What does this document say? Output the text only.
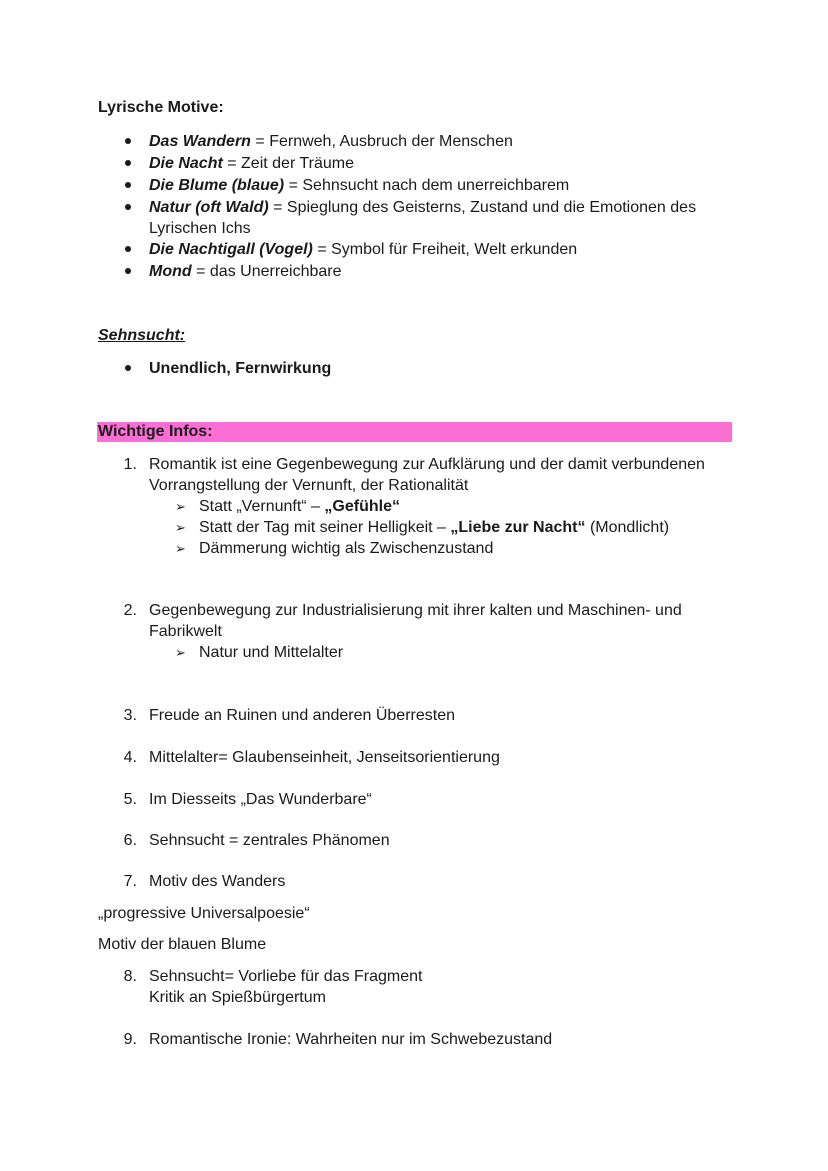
Lyrische Motive:
Das Wandern = Fernweh, Ausbruch der Menschen
Die Nacht = Zeit der Träume
Die Blume (blaue) = Sehnsucht nach dem unerreichbarem
Natur (oft Wald) = Spieglung des Geisterns, Zustand und die Emotionen des
Lyrischen Ichs
Die Nachtigall (Vogel) = Symbol für Freiheit, Welt erkunden
Mond = das Unerreichbare
Sehnsucht:
Unendlich, Fernwirkung
Wichtige Infos:
1. Romantik ist eine Gegenbewegung zur Aufklärung und der damit verbundenen
Vorrangstellung der Vernunft, der Rationalität
➢ Statt „Vernunft“ – „Gefühle“
➢ Statt der Tag mit seiner Helligkeit – „Liebe zur Nacht“ (Mondlicht)
➢ Dämmerung wichtig als Zwischenzustand
2. Gegenbewegung zur Industrialisierung mit ihrer kalten und Maschinen- und
Fabrikwelt
➢ Natur und Mittelalter
3. Freude an Ruinen und anderen Überresten
4. Mittelalter= Glaubenseinheit, Jenseitsorientierung
5. Im Diesseits „Das Wunderbare“
6. Sehnsucht = zentrales Phänomen
7. Motiv des Wanders
„progressive Universalpoesie“
Motiv der blauen Blume
8. Sehnsucht= Vorliebe für das Fragment
Kritik an Spießbürgertum
9. Romantische Ironie: Wahrheiten nur im Schwebezustand
